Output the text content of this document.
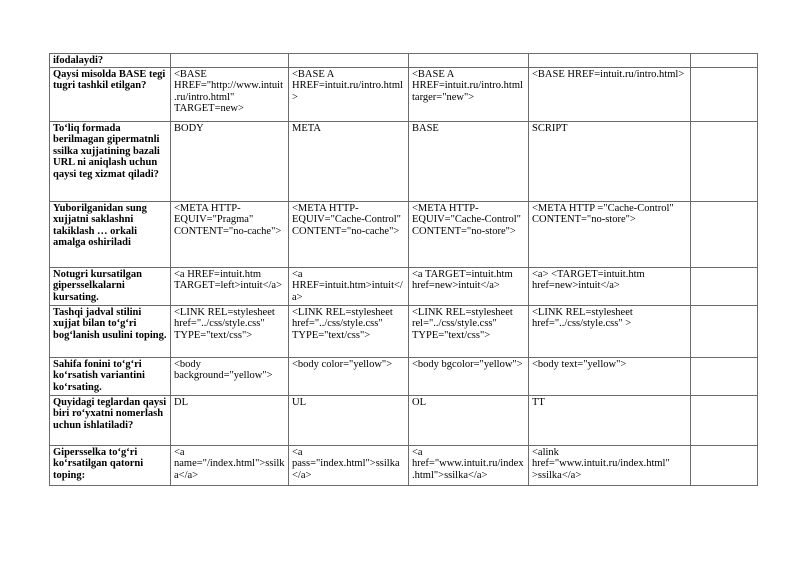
ifodalaydi?					
Qaysi misolda BASE tegi tugri tashkil etilgan?	<BASE HREF="http://www.intuit.ru/intro.html" TARGET=new>	<BASE A HREF=intuit.ru/intro.html>	<BASE A HREF=intuit.ru/intro.html targer="new">	<BASE HREF=intuit.ru/intro.html>	
To‘liq formada berilmagan gipermatnli ssilka xujjatining bazali URL ni aniqlash uchun qaysi teg xizmat qiladi?	BODY	META	BASE	SCRIPT	
Yuborilganidan sung xujjatni saklashni takiklash … orkali amalga oshiriladi	<META HTTP-EQUIV="Pragma" CONTENT="no-cache">	<META HTTP-EQUIV="Cache-Control" CONTENT="no-cache">	<META HTTP-EQUIV="Cache-Control" CONTENT="no-store">	<META HTTP ="Cache-Control" CONTENT="no-store">	
Notugri kursatilgan gipersselkalarni kursating.	<a HREF=intuit.htm TARGET=left>intuit</a>	<a HREF=intuit.htm>intuit</a>	<a TARGET=intuit.htm href=new>intuit</a>	<a> <TARGET=intuit.htm href=new>intuit</a>	
Tashqi jadval stilini xujjat bilan to‘g‘ri bog‘lanish usulini toping.	<LINK REL=stylesheet href="../css/style.css" TYPE="text/css">	<LINK REL=stylesheet href="../css/style.css" TYPE="text/css">	<LINK REL=stylesheet rel="../css/style.css" TYPE="text/css">	<LINK REL=stylesheet href="../css/style.css" >	
Sahifa fonini to‘g‘ri ko‘rsatish variantini ko‘rsating.	<body background="yellow">	<body color="yellow">	<body bgcolor="yellow">	<body text="yellow">	
Quyidagi teglardan qaysi biri ro‘yxatni nomerlash uchun ishlatiladi?	DL	UL	OL	TT	
Gipersselka to‘g‘ri ko‘rsatilgan qatorni toping:	<a name="/index.html">ssilka</a>	<a pass="index.html">ssilka</a>	<a href="www.intuit.ru/index.html">ssilka</a>	<alink href="www.intuit.ru/index.html" >ssilka</a>	
